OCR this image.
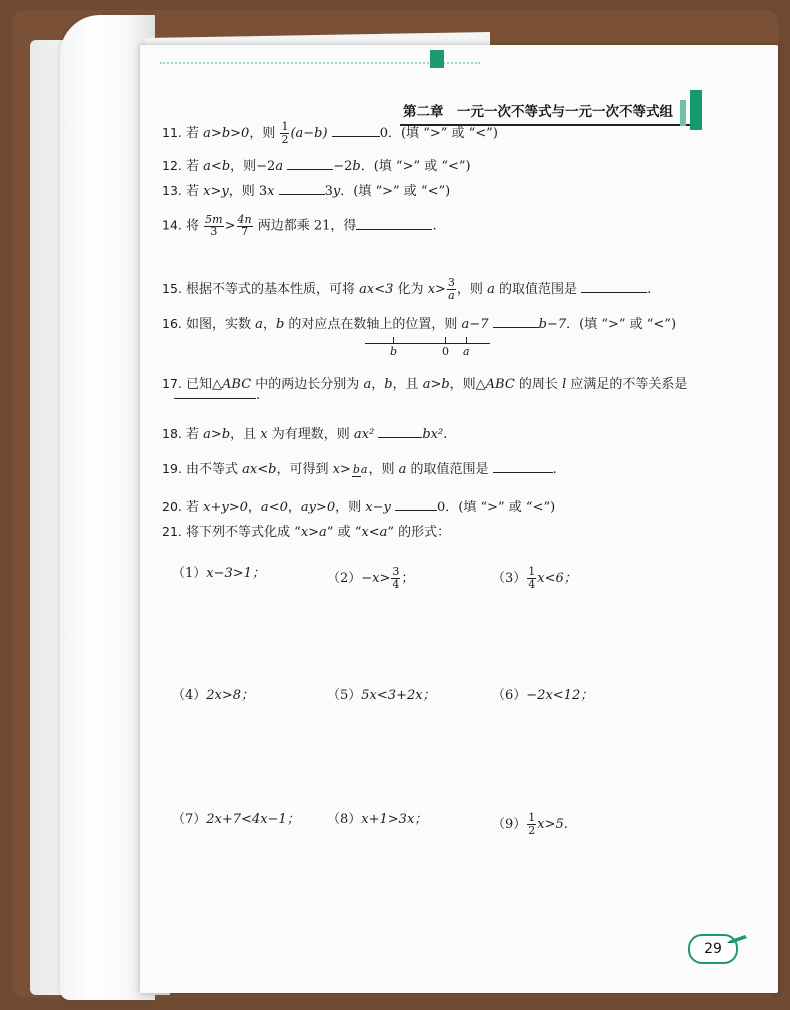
第二章　一元一次不等式与一元一次不等式组
11. 若 a>b>0，则 $\frac{1}{2} (a-b)$	0．(填 “>” 或 “<”)
12. 若 a<b，则−2a	−2b．(填 “>” 或 “<”)
13. 若 x>y，则 3x	3y．(填 “>” 或 “<”)
14. 将 $\frac{5m}{3} >\frac{4n}{7}$ 两边都乘 21，得	.
15. 根据不等式的基本性质，可将 ax<3 化为 $x> \frac{3}{a}$，则 a 的取值范围是	.
16. 如图，实数 a，b 的对应点在数轴上的位置，则 a−7	b−7．(填 “>” 或 “<”)
b	0 a
17. 已知△ABC 中的两边长分别为 a，b，且 a>b，则△ABC 的周长 l 应满足的不等关系是
.
18. 若 a>b，且 x 为有理数，则 ax²	bx².
19. 由不等式 ax<b，可得到 x> ba，则 a 的取值范围是	.
20. 若 x+y>0，a<0，ay>0，则 x−y	0．(填 “>” 或 “<”)
21. 将下列不等式化成 “x>a” 或 “x<a” 的形式：
（1）x−3>1；	$(2)-x> \frac{3}{4}$ ；	$(3) \frac{1}{4} x<6$；
（4）2x>8；	（5）5x<3+2x；	（6）−2x<12；
（7）2x+7<4x−1； （8）x+1>3x；	$(9) \frac{1}{2} x>5$.
29
